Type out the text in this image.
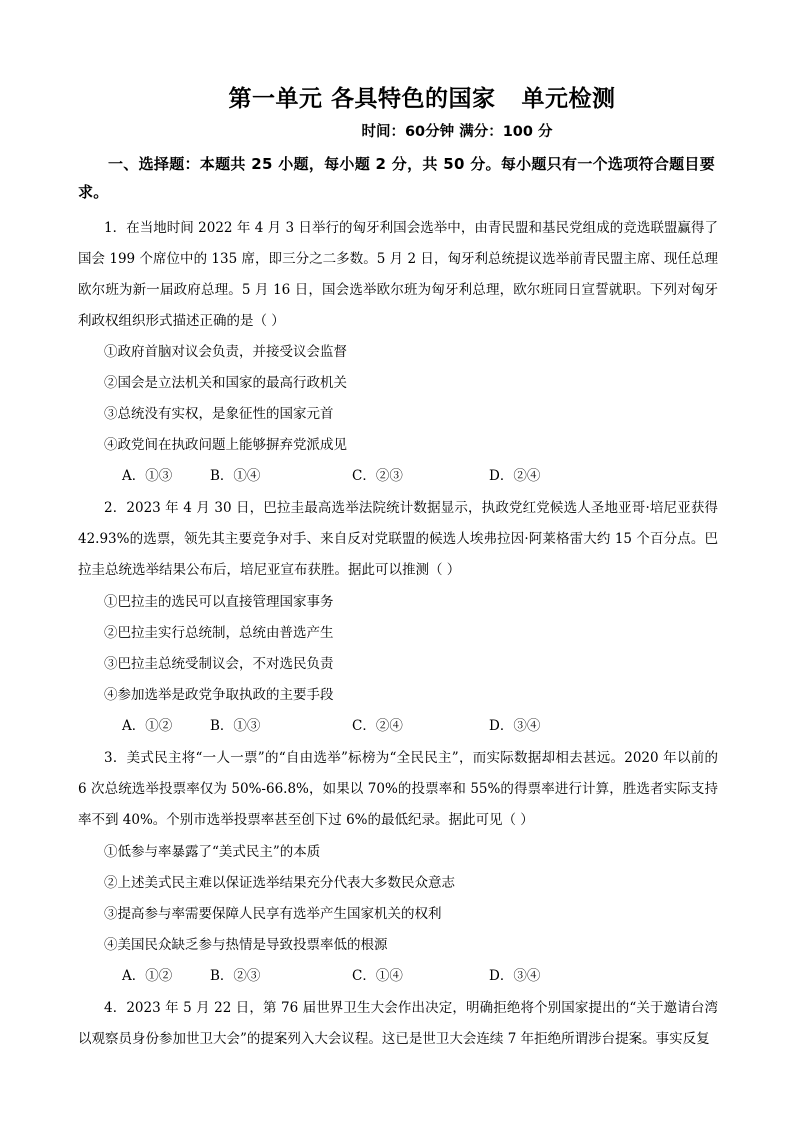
第一单元 各具特色的国家 单元检测
时间：60分钟 满分：100 分
一、选择题：本题共 25 小题，每小题 2 分，共 50 分。每小题只有一个选项符合题目要求。
1．在当地时间 2022 年 4 月 3 日举行的匈牙利国会选举中，由青民盟和基民党组成的竞选联盟赢得了国会 199 个席位中的 135 席，即三分之二多数。5 月 2 日，匈牙利总统提议选举前青民盟主席、现任总理欧尔班为新一届政府总理。5 月 16 日，国会选举欧尔班为匈牙利总理，欧尔班同日宣誓就职。下列对匈牙利政权组织形式描述正确的是（ ）
①政府首脑对议会负责，并接受议会监督
②国会是立法机关和国家的最高行政机关
③总统没有实权，是象征性的国家元首
④政党间在执政问题上能够摒弃党派成见
A．①③	B．①④	C．②③	D．②④
2．2023 年 4 月 30 日，巴拉圭最高选举法院统计数据显示，执政党红党候选人圣地亚哥·培尼亚获得 42.93%的选票，领先其主要竞争对手、来自反对党联盟的候选人埃弗拉因·阿莱格雷大约 15 个百分点。巴拉圭总统选举结果公布后，培尼亚宣布获胜。据此可以推测（ ）
①巴拉圭的选民可以直接管理国家事务
②巴拉圭实行总统制，总统由普选产生
③巴拉圭总统受制议会，不对选民负责
④参加选举是政党争取执政的主要手段
A．①②	B．①③	C．②④	D．③④
3．美式民主将“一人一票”的“自由选举”标榜为“全民民主”，而实际数据却相去甚远。2020 年以前的 6 次总统选举投票率仅为 50%-66.8%，如果以 70%的投票率和 55%的得票率进行计算，胜选者实际支持率不到 40%。个别市选举投票率甚至创下过 6%的最低纪录。据此可见（ ）
①低参与率暴露了“美式民主”的本质
②上述美式民主难以保证选举结果充分代表大多数民众意志
③提高参与率需要保障人民享有选举产生国家机关的权利
④美国民众缺乏参与热情是导致投票率低的根源
A．①②	B．②③	C．①④	D．③④
4．2023 年 5 月 22 日，第 76 届世界卫生大会作出决定，明确拒绝将个别国家提出的“关于邀请台湾以观察员身份参加世卫大会”的提案列入大会议程。这已是世卫大会连续 7 年拒绝所谓涉台提案。事实反复
